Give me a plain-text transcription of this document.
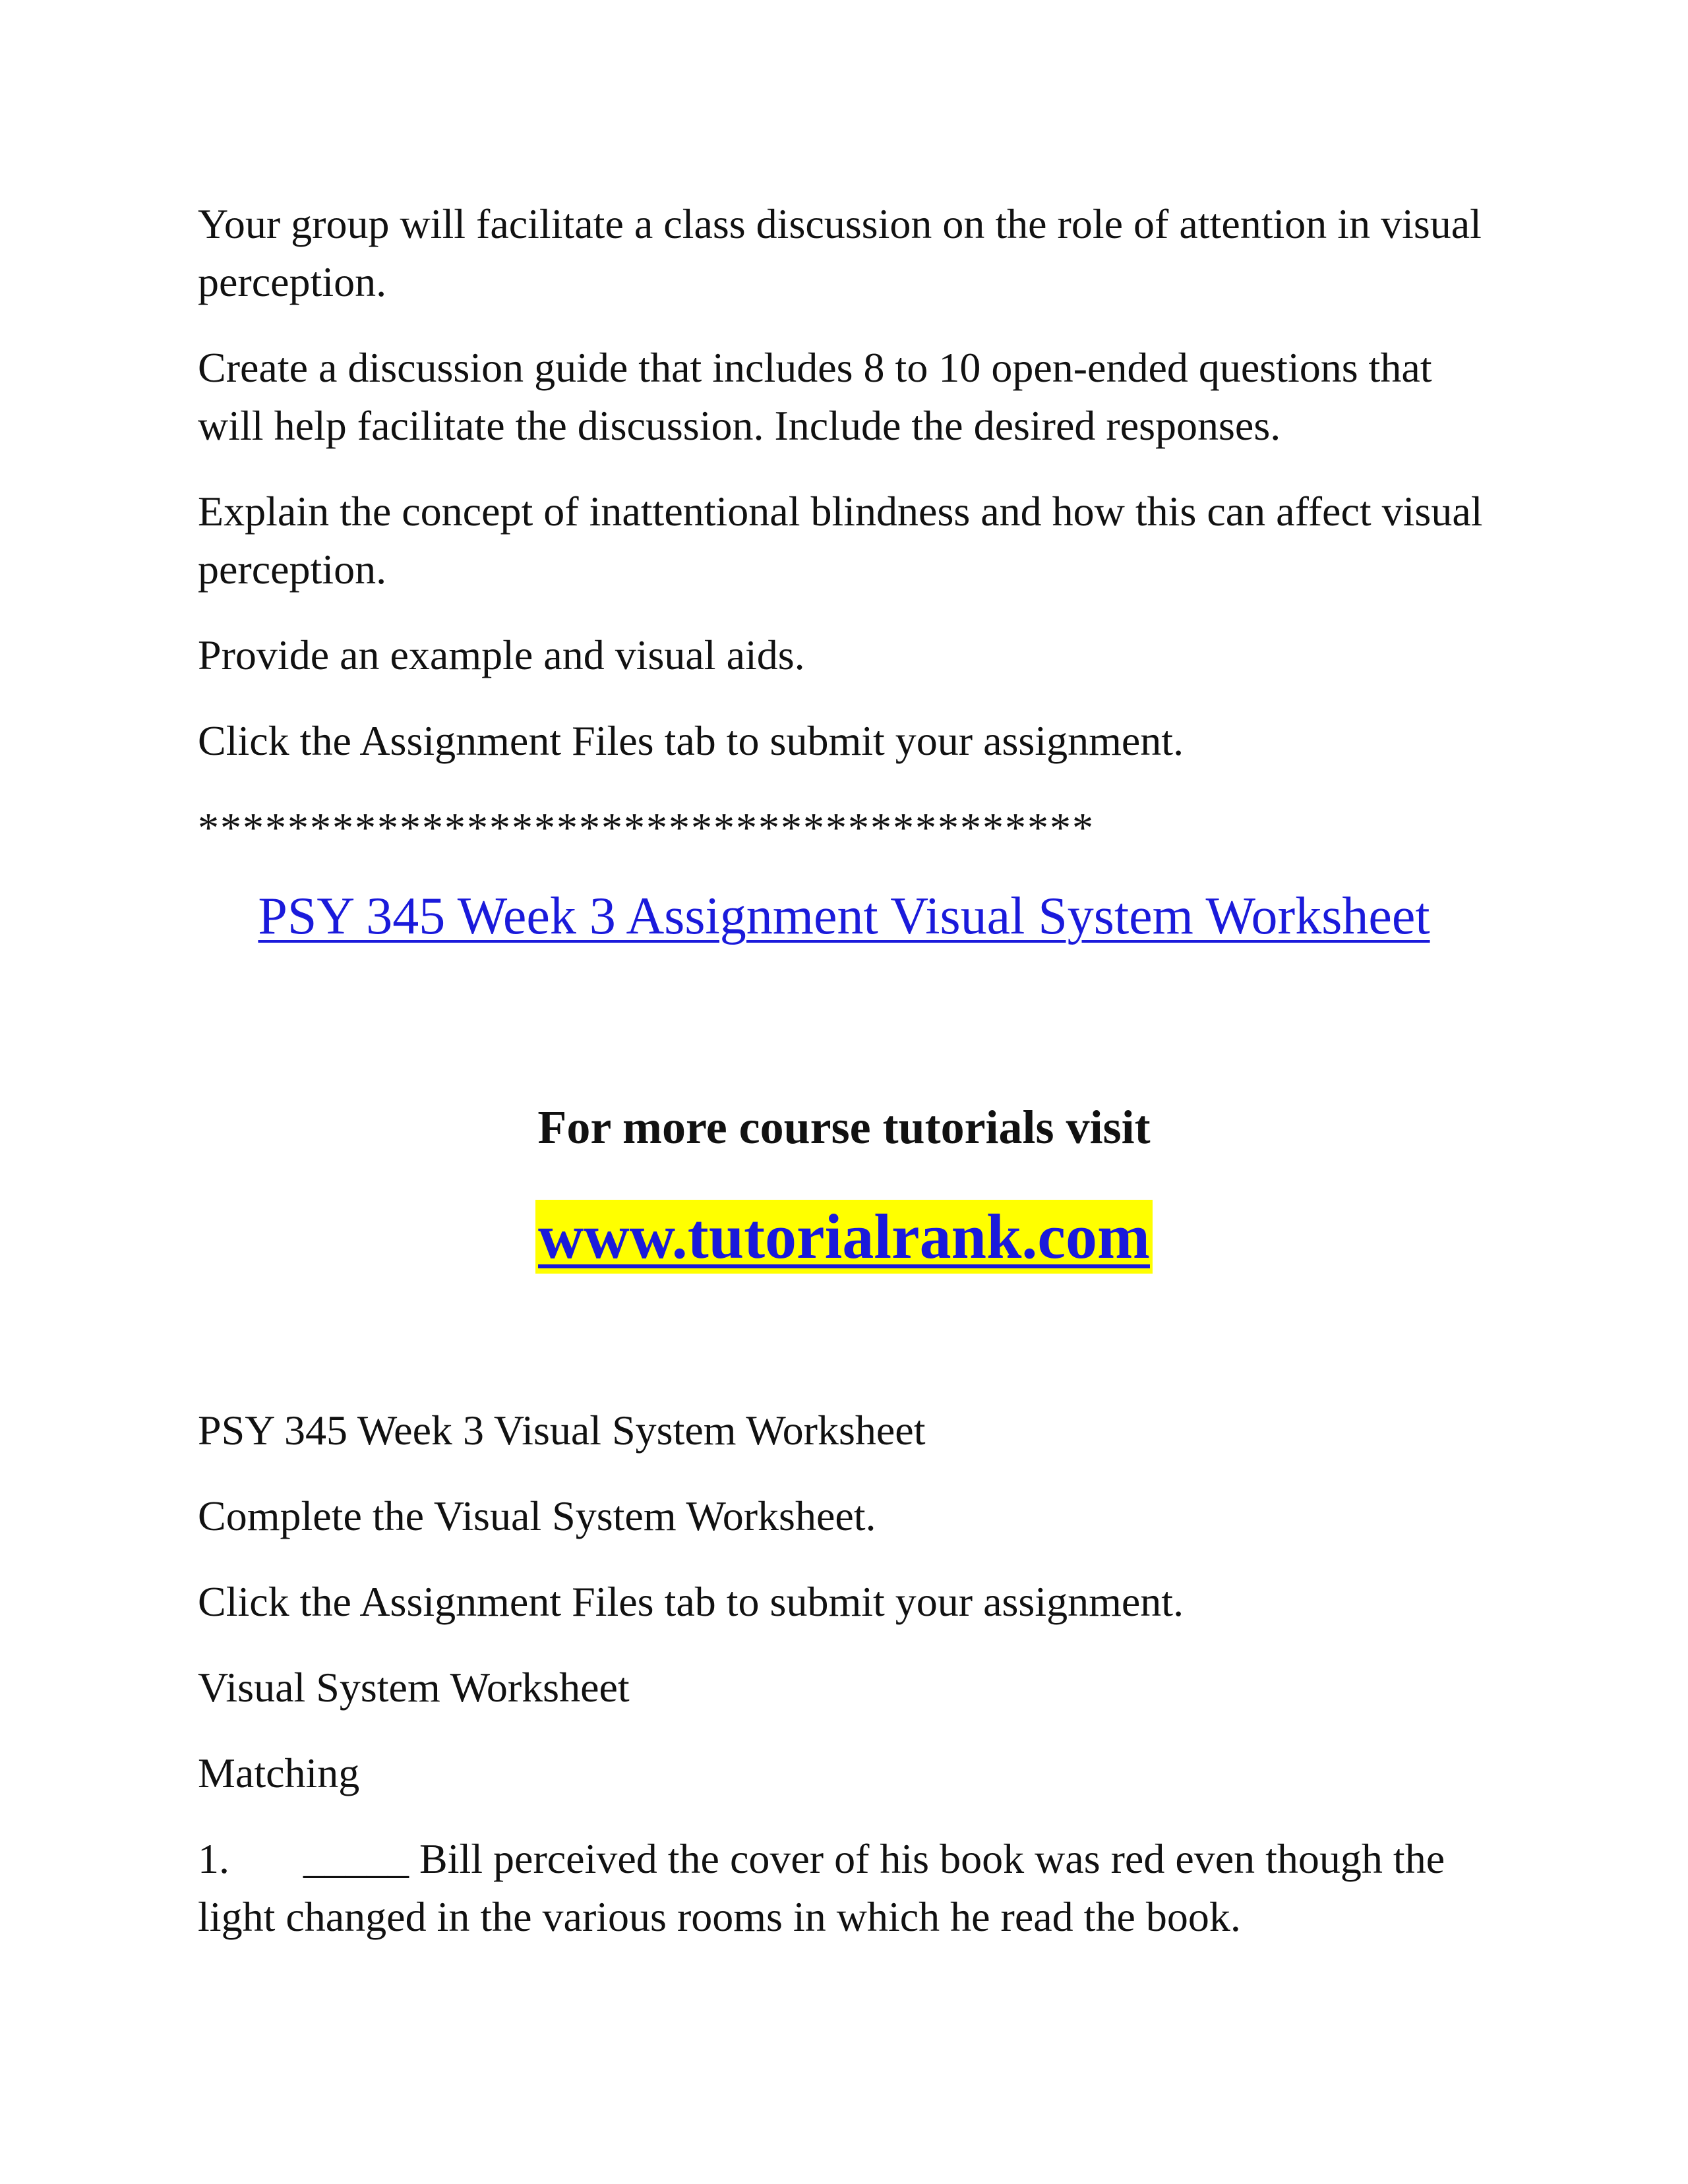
Your group will facilitate a class discussion on the role of attention in visual perception.

Create a discussion guide that includes 8 to 10 open-ended questions that will help facilitate the discussion. Include the desired responses.

Explain the concept of inattentional blindness and how this can affect visual perception.

Provide an example and visual aids.

Click the Assignment Files tab to submit your assignment.

****************************************

PSY 345 Week 3 Assignment Visual System Worksheet
For more course tutorials visit
www.tutorialrank.com

PSY 345 Week 3 Visual System Worksheet

Complete the Visual System Worksheet.

Click the Assignment Files tab to submit your assignment.

Visual System Worksheet

Matching

1. _____ Bill perceived the cover of his book was red even though the light changed in the various rooms in which he read the book.
